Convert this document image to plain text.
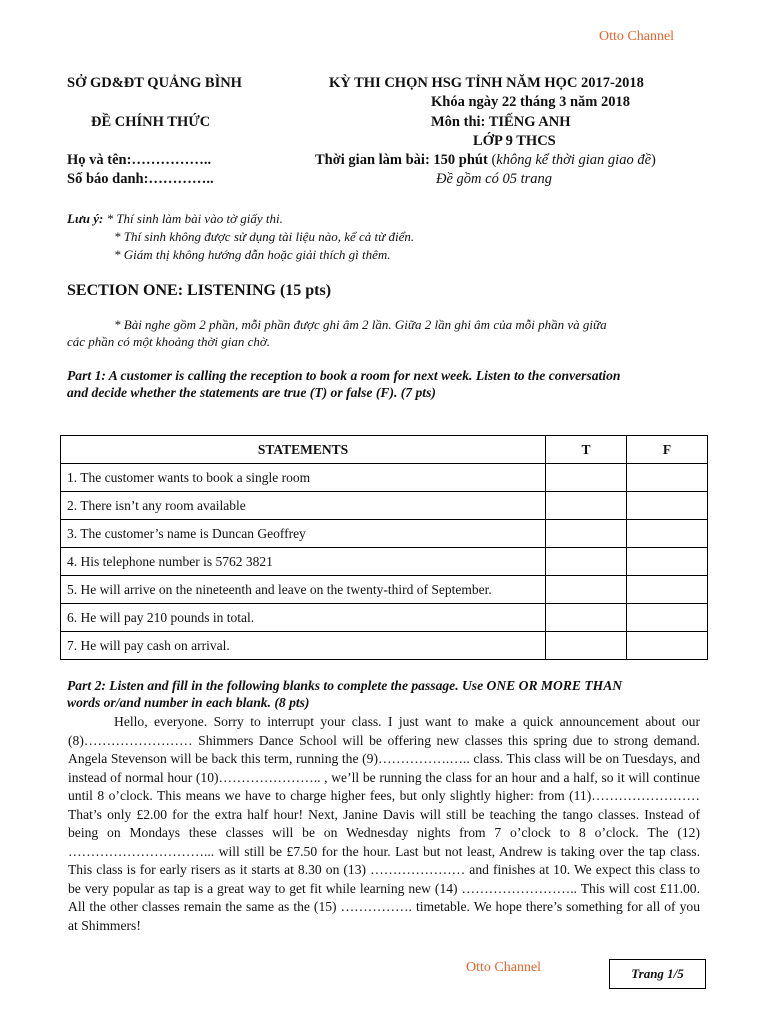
Otto Channel
SỞ GD&ĐT QUẢNG BÌNH	KỲ THI CHỌN HSG TỈNH NĂM HỌC 2017-2018
Khóa ngày 22 tháng 3 năm 2018
ĐỀ CHÍNH THỨC	Môn thi: TIẾNG ANH
LỚP 9 THCS
Họ và tên:……………..	Thời gian làm bài: 150 phút (không kể thời gian giao đề)
Số báo danh:…………..	Đề gồm có 05 trang
Lưu ý: * Thí sinh làm bài vào tờ giấy thi.
* Thí sinh không được sử dụng tài liệu nào, kể cả từ điển.
* Giám thị không hướng dẫn hoặc giải thích gì thêm.
SECTION ONE: LISTENING (15 pts)
* Bài nghe gồm 2 phần, mỗi phần được ghi âm 2 lần. Giữa 2 lần ghi âm của mỗi phần và giữa
các phần có một khoảng thời gian chờ.
Part 1: A customer is calling the reception to book a room for next week. Listen to the conversation
and decide whether the statements are true (T) or false (F). (7 pts)
STATEMENTS	T	F
1. The customer wants to book a single room		
2. There isn’t any room available		
3. The customer’s name is Duncan Geoffrey		
4. His telephone number is 5762 3821		
5. He will arrive on the nineteenth and leave on the twenty-third of September.		
6. He will pay 210 pounds in total.		
7. He will pay cash on arrival.		
Part 2: Listen and fill in the following blanks to complete the passage. Use ONE OR MORE THAN
words or/and number in each blank. (8 pts)

Hello, everyone. Sorry to interrupt your class. I just want to make a quick announcement about our (8)…………………… Shimmers Dance School will be offering new classes this spring due to strong demand. Angela Stevenson will be back this term, running the (9)…………….….. class. This class will be on Tuesdays, and instead of normal hour (10)………………….. , we’ll be running the class for an hour and a half, so it will continue until 8 o’clock. This means we have to charge higher fees, but only slightly higher: from (11)…………………… That’s only £2.00 for the extra half hour! Next, Janine Davis will still be teaching the tango classes. Instead of being on Mondays these classes will be on Wednesday nights from 7 o’clock to 8 o’clock. The (12) …………………………... will still be £7.50 for the hour. Last but not least, Andrew is taking over the tap class. This class is for early risers as it starts at 8.30 on (13) ………………… and finishes at 10. We expect this class to be very popular as tap is a great way to get fit while learning new (14) …………………….. This will cost £11.00. All the other classes remain the same as the (15) ……………. timetable. We hope there’s something for all of you at Shimmers!

Otto Channel	Trang 1/5
